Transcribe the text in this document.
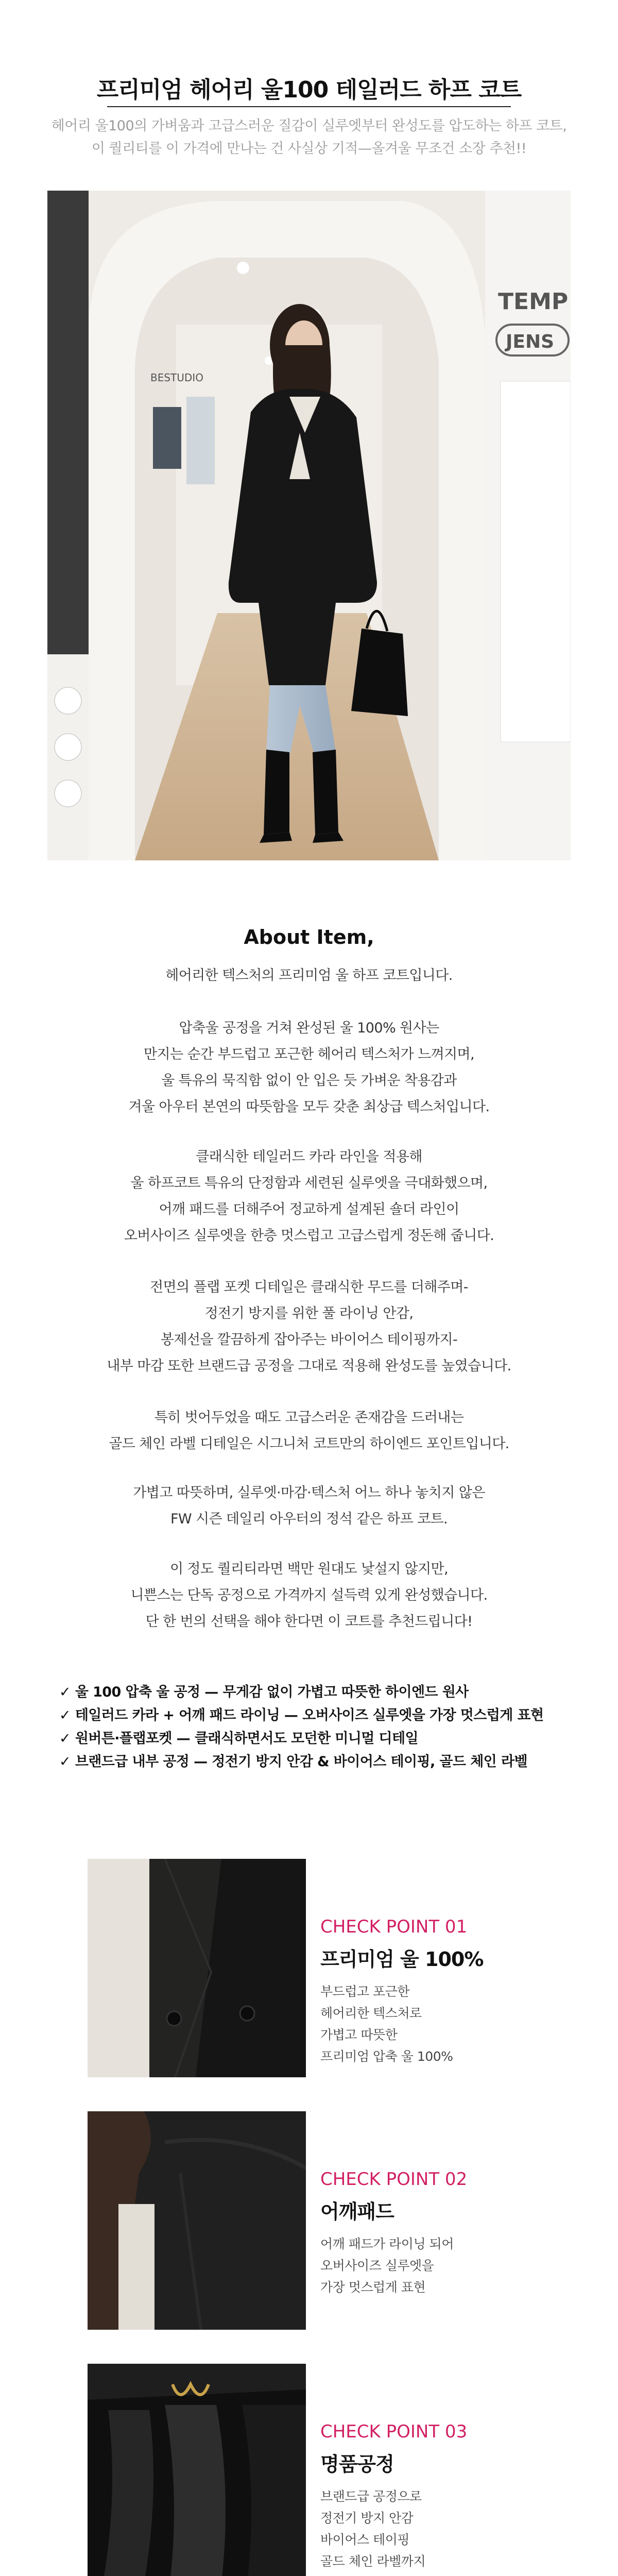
프리미엄 헤어리 울100 테일러드 하프 코트
헤어리 울100의 가벼움과 고급스러운 질감이 실루엣부터 완성도를 압도하는 하프 코트,
이 퀄리티를 이 가격에 만나는 건 사실상 기적—올겨울 무조건 소장 추천!!
BESTUDIO
TEMP
JENS
About Item,
헤어리한 텍스처의 프리미엄 울 하프 코트입니다.
압축울 공정을 거쳐 완성된 울 100% 원사는
만지는 순간 부드럽고 포근한 헤어리 텍스처가 느껴지며,
울 특유의 묵직함 없이 안 입은 듯 가벼운 착용감과
겨울 아우터 본연의 따뜻함을 모두 갖춘 최상급 텍스처입니다.
클래식한 테일러드 카라 라인을 적용해
울 하프코트 특유의 단정함과 세련된 실루엣을 극대화했으며,
어깨 패드를 더해주어 정교하게 설계된 숄더 라인이
오버사이즈 실루엣을 한층 멋스럽고 고급스럽게 정돈해 줍니다.
전면의 플랩 포켓 디테일은 클래식한 무드를 더해주며-
정전기 방지를 위한 풀 라이닝 안감,
봉제선을 깔끔하게 잡아주는 바이어스 테이핑까지-
내부 마감 또한 브랜드급 공정을 그대로 적용해 완성도를 높였습니다.
특히 벗어두었을 때도 고급스러운 존재감을 드러내는
골드 체인 라벨 디테일은 시그니처 코트만의 하이엔드 포인트입니다.
가볍고 따뜻하며, 실루엣·마감·텍스처 어느 하나 놓치지 않은
FW 시즌 데일리 아우터의 정석 같은 하프 코트.
이 정도 퀄리티라면 백만 원대도 낯설지 않지만,
니쁜스는 단독 공정으로 가격까지 설득력 있게 완성했습니다.
단 한 번의 선택을 해야 한다면 이 코트를 추천드립니다!
✓ 울 100 압축 울 공정 — 무게감 없이 가볍고 따뜻한 하이엔드 원사
✓ 테일러드 카라 + 어깨 패드 라이닝 — 오버사이즈 실루엣을 가장 멋스럽게 표현
✓ 원버튼·플랩포켓 — 클래식하면서도 모던한 미니멀 디테일
✓ 브랜드급 내부 공정 — 정전기 방지 안감 & 바이어스 테이핑, 골드 체인 라벨
CHECK POINT 01
프리미엄 울 100%
부드럽고 포근한
헤어리한 텍스처로
가볍고 따뜻한
프리미엄 압축 울 100%
CHECK POINT 02
어깨패드
어깨 패드가 라이닝 되어
오버사이즈 실루엣을
가장 멋스럽게 표현
CHECK POINT 03
명품공정
브랜드급 공정으로
정전기 방지 안감
바이어스 테이핑
골드 체인 라벨까지
